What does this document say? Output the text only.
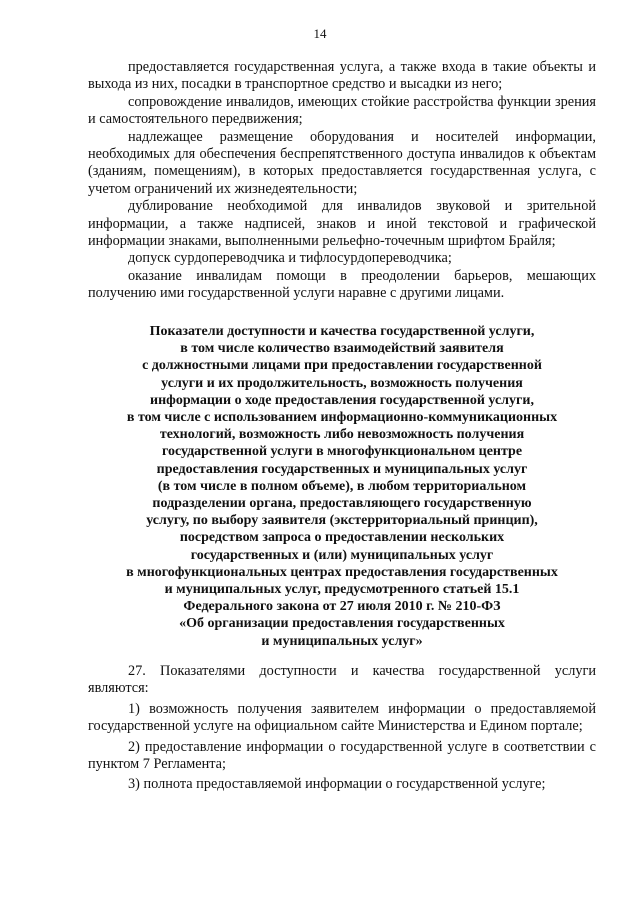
14

предоставляется государственная услуга, а также входа в такие объекты и выхода из них, посадки в транспортное средство и высадки из него;

сопровождение инвалидов, имеющих стойкие расстройства функции зрения и самостоятельного передвижения;

надлежащее размещение оборудования и носителей информации, необходимых для обеспечения беспрепятственного доступа инвалидов к объектам (зданиям, помещениям), в которых предоставляется государственная услуга, с учетом ограничений их жизнедеятельности;

дублирование необходимой для инвалидов звуковой и зрительной информации, а также надписей, знаков и иной текстовой и графической информации знаками, выполненными рельефно-точечным шрифтом Брайля;

допуск сурдопереводчика и тифлосурдопереводчика;

оказание инвалидам помощи в преодолении барьеров, мешающих получению ими государственной услуги наравне с другими лицами.

Показатели доступности и качества государственной услуги,
в том числе количество взаимодействий заявителя
с должностными лицами при предоставлении государственной
услуги и их продолжительность, возможность получения
информации о ходе предоставления государственной услуги,
в том числе с использованием информационно-коммуникационных
технологий, возможность либо невозможность получения
государственной услуги в многофункциональном центре
предоставления государственных и муниципальных услуг
(в том числе в полном объеме), в любом территориальном
подразделении органа, предоставляющего государственную
услугу, по выбору заявителя (экстерриториальный принцип),
посредством запроса о предоставлении нескольких
государственных и (или) муниципальных услуг
в многофункциональных центрах предоставления государственных
и муниципальных услуг, предусмотренного статьей 15.1
Федерального закона от 27 июля 2010 г. № 210-ФЗ
«Об организации предоставления государственных
и муниципальных услуг»

27. Показателями доступности и качества государственной услуги являются:

1) возможность получения заявителем информации о предоставляемой государственной услуге на официальном сайте Министерства и Едином портале;

2) предоставление информации о государственной услуге в соответствии с пунктом 7 Регламента;

3) полнота предоставляемой информации о государственной услуге;
